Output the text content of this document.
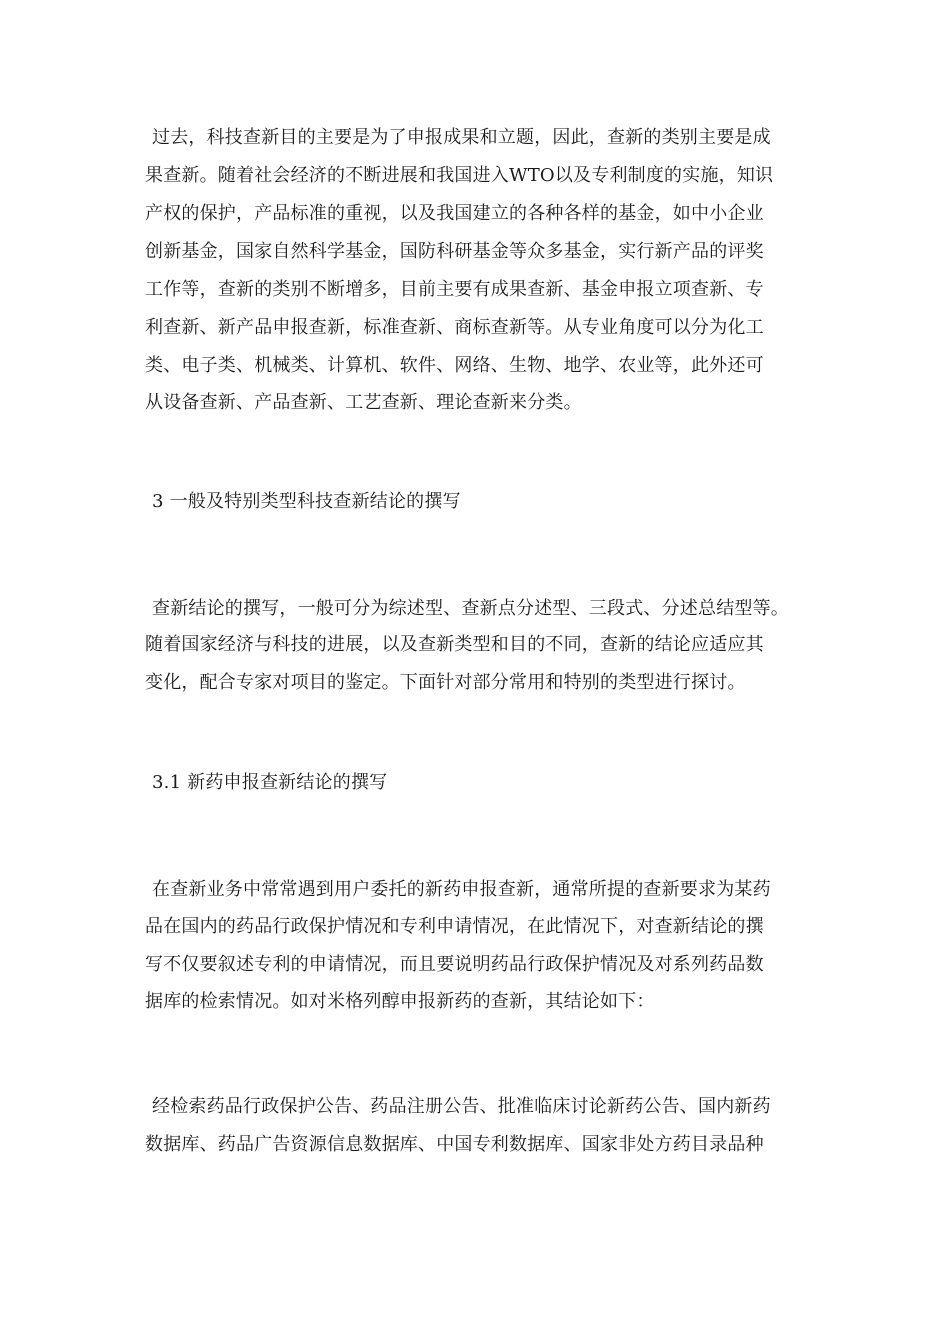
过去，科技查新目的主要是为了申报成果和立题，因此，查新的类别主要是成
果查新。随着社会经济的不断进展和我国进入WTO以及专利制度的实施，知识
产权的保护，产品标准的重视，以及我国建立的各种各样的基金，如中小企业
创新基金，国家自然科学基金，国防科研基金等众多基金，实行新产品的评奖
工作等，查新的类别不断增多，目前主要有成果查新、基金申报立项查新、专
利查新、新产品申报查新，标准查新、商标查新等。从专业角度可以分为化工
类、电子类、机械类、计算机、软件、网络、生物、地学、农业等，此外还可
从设备查新、产品查新、工艺查新、理论查新来分类。
3 一般及特别类型科技查新结论的撰写
查新结论的撰写，一般可分为综述型、查新点分述型、三段式、分述总结型等。
随着国家经济与科技的进展，以及查新类型和目的不同，查新的结论应适应其
变化，配合专家对项目的鉴定。下面针对部分常用和特别的类型进行探讨。
3.1 新药申报查新结论的撰写
在查新业务中常常遇到用户委托的新药申报查新，通常所提的查新要求为某药
品在国内的药品行政保护情况和专利申请情况，在此情况下，对查新结论的撰
写不仅要叙述专利的申请情况，而且要说明药品行政保护情况及对系列药品数
据库的检索情况。如对米格列醇申报新药的查新，其结论如下：
经检索药品行政保护公告、药品注册公告、批准临床讨论新药公告、国内新药
数据库、药品广告资源信息数据库、中国专利数据库、国家非处方药目录品种
